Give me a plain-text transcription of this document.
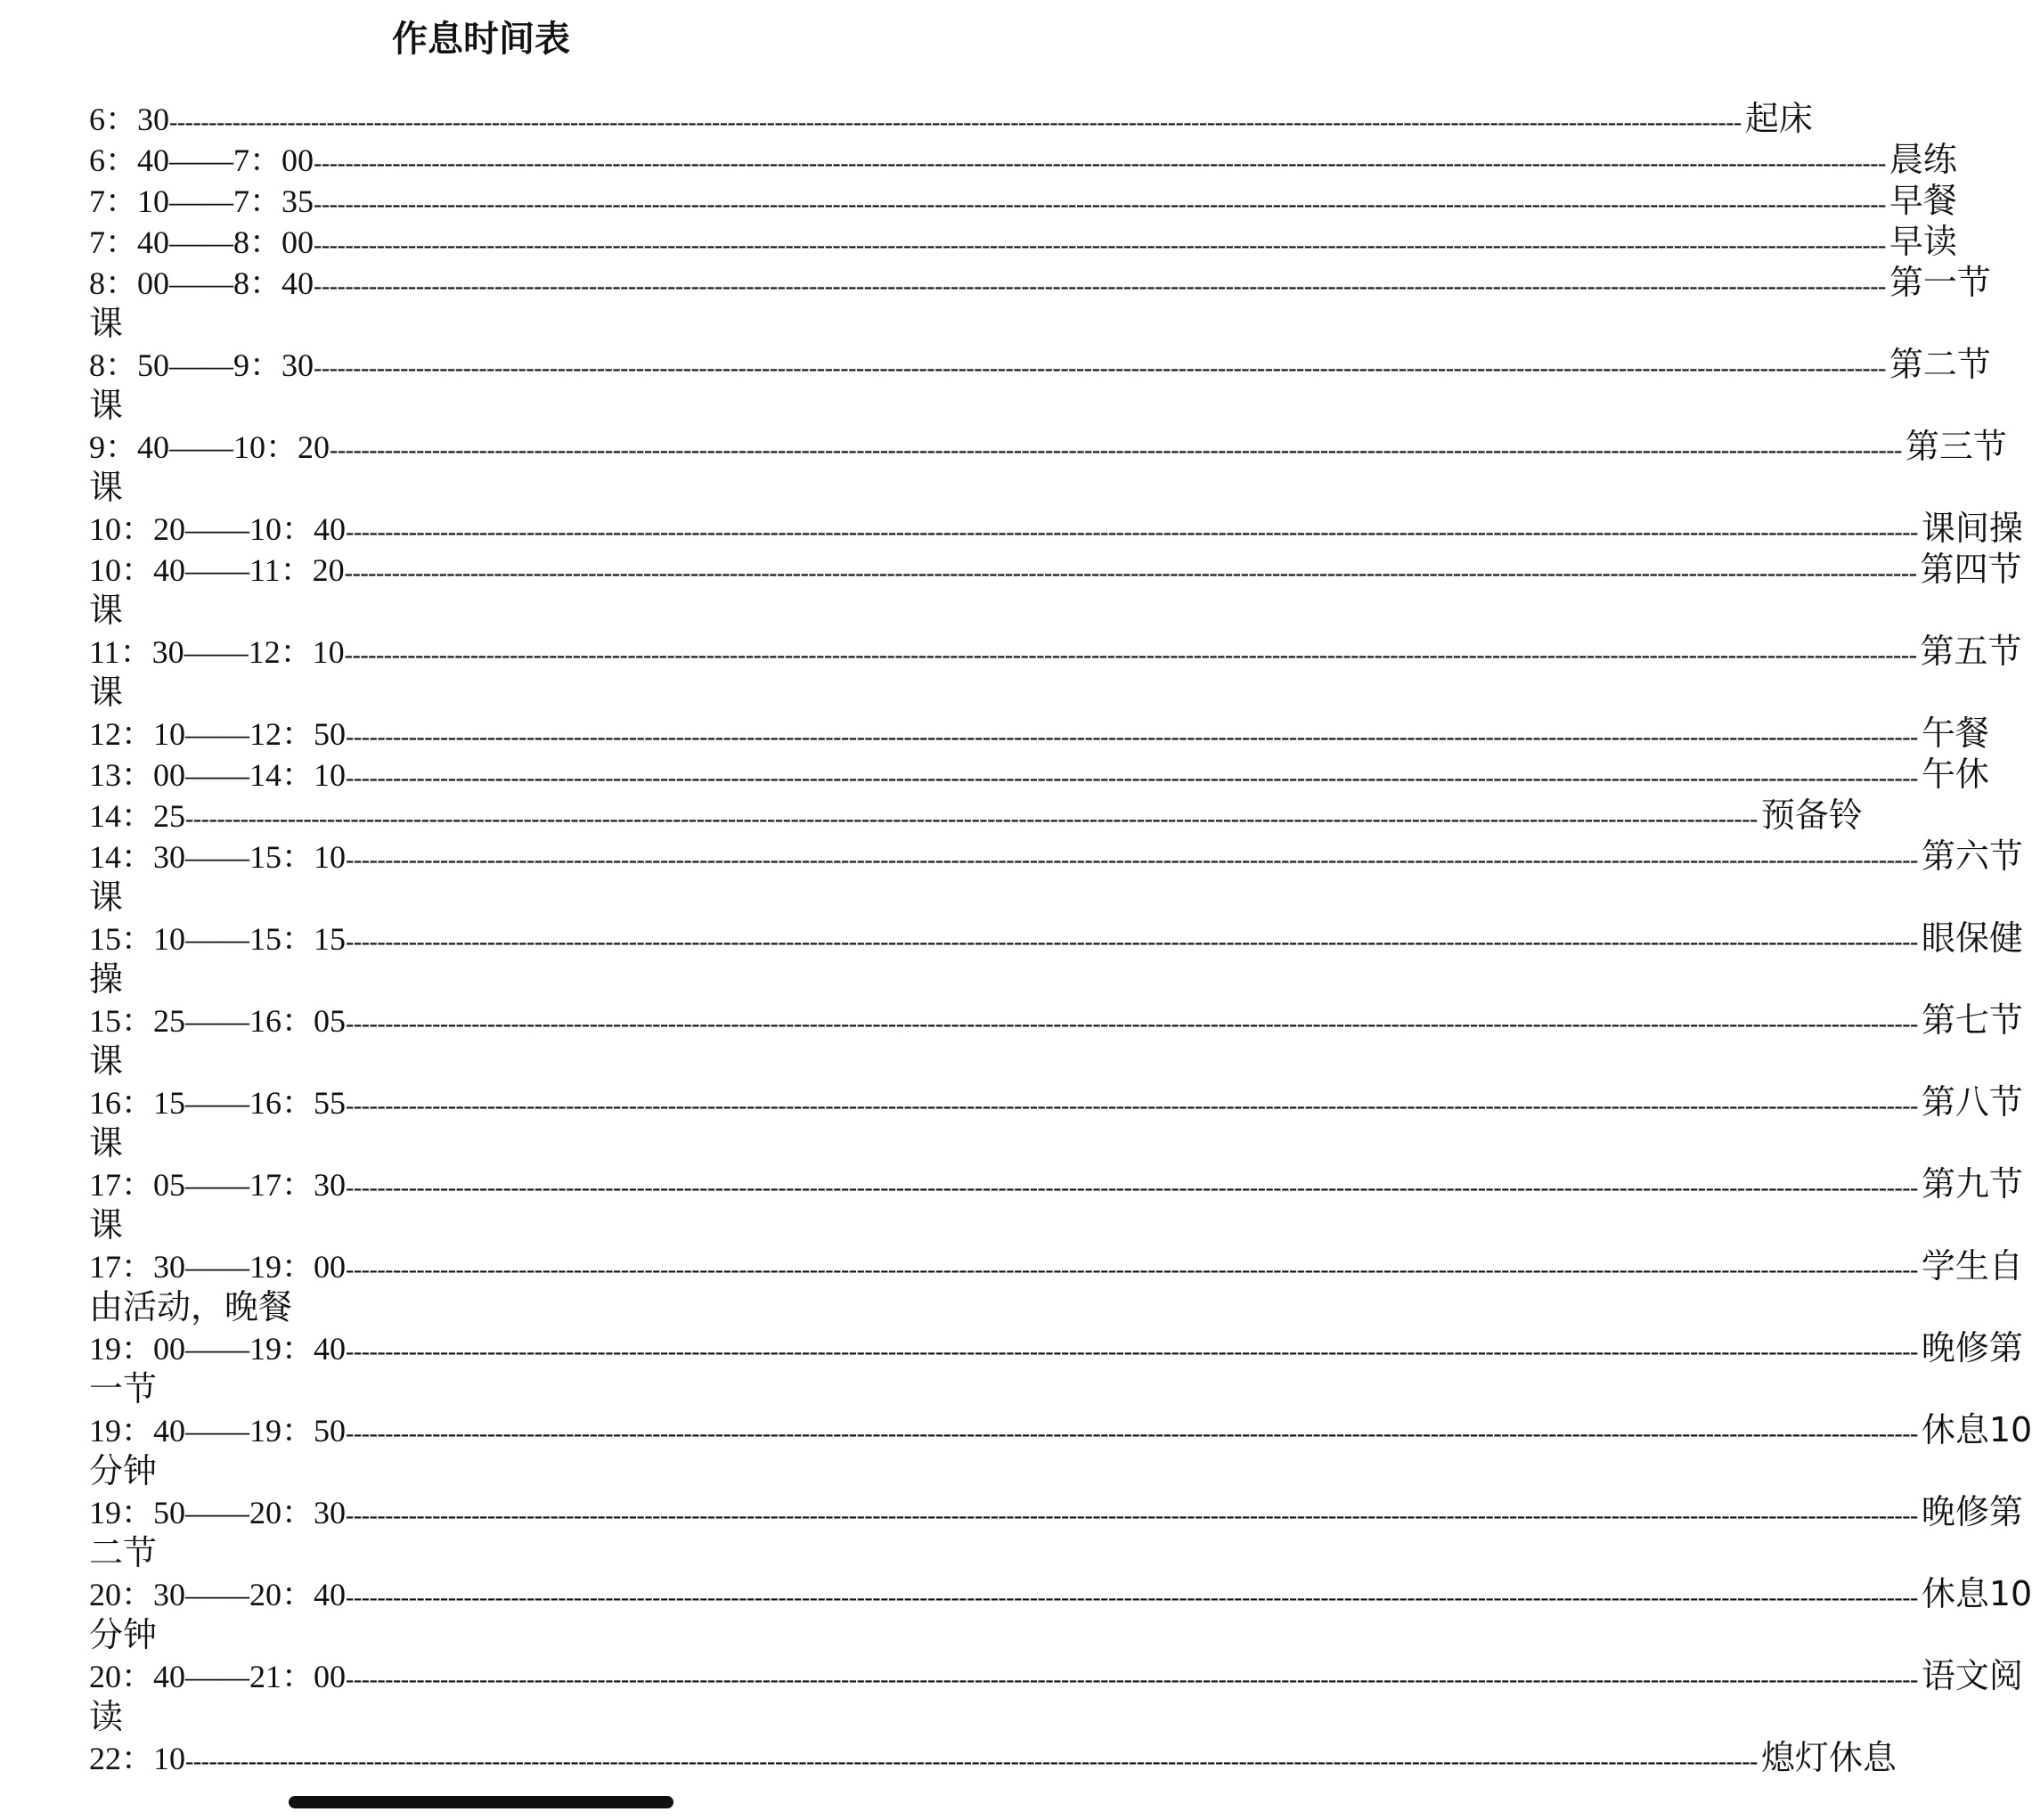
作息时间表
6：30 -------------------------------------------------------------------------------------------------------------------------------------------------------------------------------------------------------- 起床
6：40——7：00 -------------------------------------------------------------------------------------------------------------------------------------------------------------------------------------------------------- 晨练
7：10——7：35 -------------------------------------------------------------------------------------------------------------------------------------------------------------------------------------------------------- 早餐
7：40——8：00 -------------------------------------------------------------------------------------------------------------------------------------------------------------------------------------------------------- 早读
8：00——8：40 -------------------------------------------------------------------------------------------------------------------------------------------------------------------------------------------------------- 第一节
课
8：50——9：30 -------------------------------------------------------------------------------------------------------------------------------------------------------------------------------------------------------- 第二节
课
9：40——10：20 -------------------------------------------------------------------------------------------------------------------------------------------------------------------------------------------------------- 第三节
课
10：20——10：40 -------------------------------------------------------------------------------------------------------------------------------------------------------------------------------------------------------- 课间操
10：40——11：20 -------------------------------------------------------------------------------------------------------------------------------------------------------------------------------------------------------- 第四节
课
11：30——12：10 -------------------------------------------------------------------------------------------------------------------------------------------------------------------------------------------------------- 第五节
课
12：10——12：50 -------------------------------------------------------------------------------------------------------------------------------------------------------------------------------------------------------- 午餐
13：00——14：10 -------------------------------------------------------------------------------------------------------------------------------------------------------------------------------------------------------- 午休
14：25 -------------------------------------------------------------------------------------------------------------------------------------------------------------------------------------------------------- 预备铃
14：30——15：10 -------------------------------------------------------------------------------------------------------------------------------------------------------------------------------------------------------- 第六节
课
15：10——15：15 -------------------------------------------------------------------------------------------------------------------------------------------------------------------------------------------------------- 眼保健
操
15：25——16：05 -------------------------------------------------------------------------------------------------------------------------------------------------------------------------------------------------------- 第七节
课
16：15——16：55 -------------------------------------------------------------------------------------------------------------------------------------------------------------------------------------------------------- 第八节
课
17：05——17：30 -------------------------------------------------------------------------------------------------------------------------------------------------------------------------------------------------------- 第九节
课
17：30——19：00 -------------------------------------------------------------------------------------------------------------------------------------------------------------------------------------------------------- 学生自
由活动，晚餐
19：00——19：40 -------------------------------------------------------------------------------------------------------------------------------------------------------------------------------------------------------- 晚修第
一节
19：40——19：50 -------------------------------------------------------------------------------------------------------------------------------------------------------------------------------------------------------- 休息10
分钟
19：50——20：30 -------------------------------------------------------------------------------------------------------------------------------------------------------------------------------------------------------- 晚修第
二节
20：30——20：40 -------------------------------------------------------------------------------------------------------------------------------------------------------------------------------------------------------- 休息10
分钟
20：40——21：00 -------------------------------------------------------------------------------------------------------------------------------------------------------------------------------------------------------- 语文阅
读
22：10 -------------------------------------------------------------------------------------------------------------------------------------------------------------------------------------------------------- 熄灯休息
